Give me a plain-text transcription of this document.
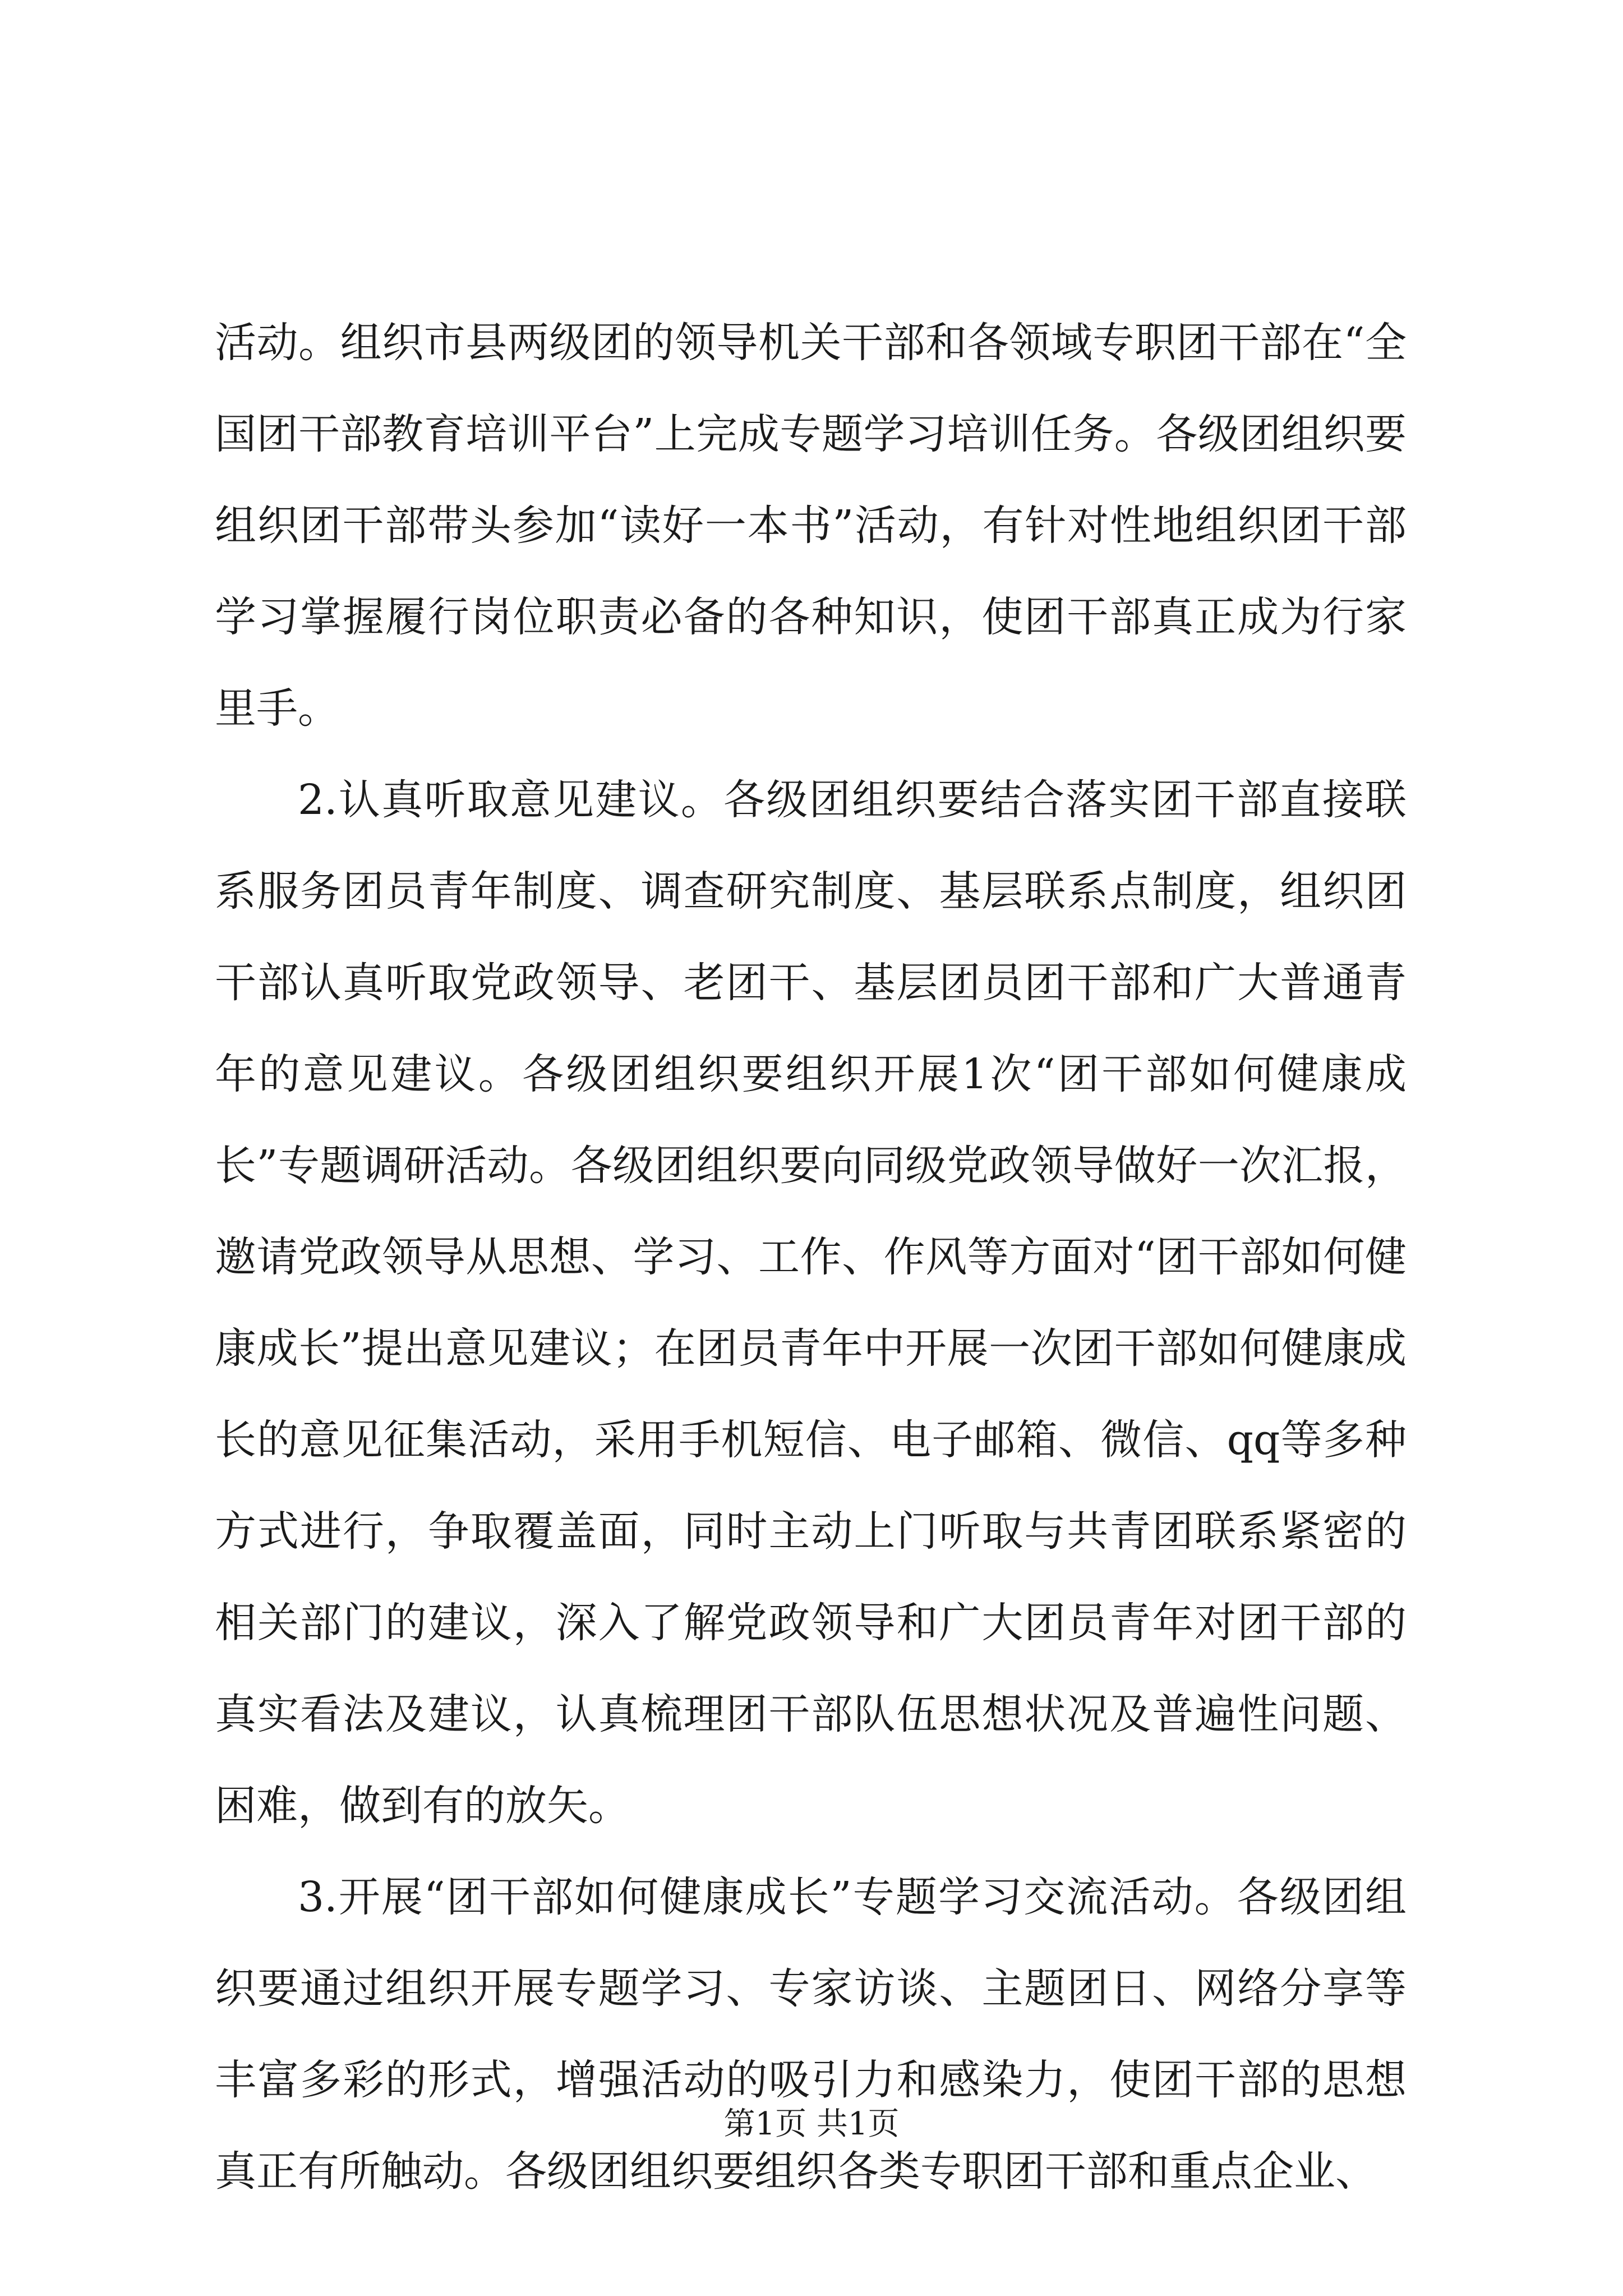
活动。组织市县两级团的领导机关干部和各领域专职团干部在“全国团干部教育培训平台”上完成专题学习培训任务。各级团组织要组织团干部带头参加“读好一本书”活动，有针对性地组织团干部学习掌握履行岗位职责必备的各种知识，使团干部真正成为行家里手。

2.认真听取意见建议。各级团组织要结合落实团干部直接联系服务团员青年制度、调查研究制度、基层联系点制度，组织团干部认真听取党政领导、老团干、基层团员团干部和广大普通青年的意见建议。各级团组织要组织开展1次“团干部如何健康成长”专题调研活动。各级团组织要向同级党政领导做好一次汇报，邀请党政领导从思想、学习、工作、作风等方面对“团干部如何健康成长”提出意见建议；在团员青年中开展一次团干部如何健康成长的意见征集活动，采用手机短信、电子邮箱、微信、qq等多种方式进行，争取覆盖面，同时主动上门听取与共青团联系紧密的相关部门的建议，深入了解党政领导和广大团员青年对团干部的真实看法及建议，认真梳理团干部队伍思想状况及普遍性问题、困难，做到有的放矢。

3.开展“团干部如何健康成长”专题学习交流活动。各级团组织要通过组织开展专题学习、专家访谈、主题团日、网络分享等丰富多彩的形式，增强活动的吸引力和感染力，使团干部的思想真正有所触动。各级团组织要组织各类专职团干部和重点企业、

第1页 共1页
